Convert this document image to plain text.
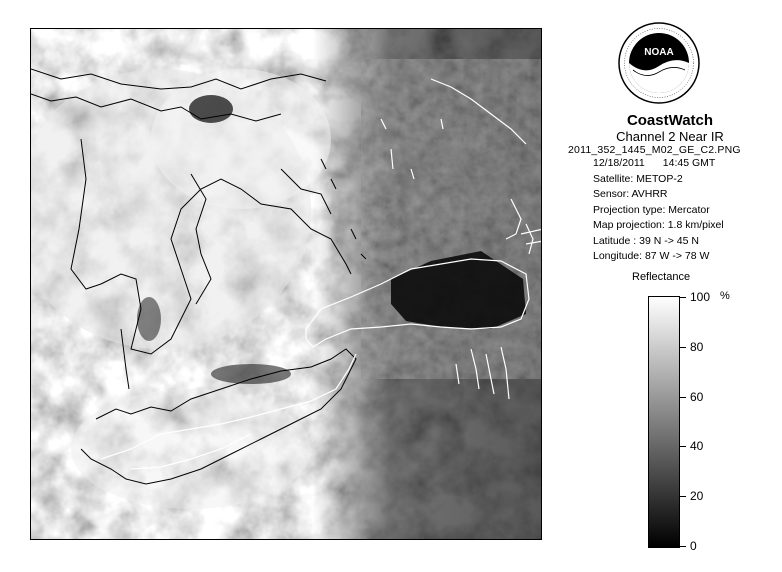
NOAA
CoastWatch
Channel 2 Near IR
2011_352_1445_M02_GE_C2.PNG
12/18/2011 14:45 GMT
Satellite: METOP-2
Sensor: AVHRR
Projection type: Mercator
Map projection: 1.8 km/pixel
Latitude : 39 N -> 45 N
Longitude: 87 W -> 78 W
Reflectance
%
100
80
60
40
20
0
